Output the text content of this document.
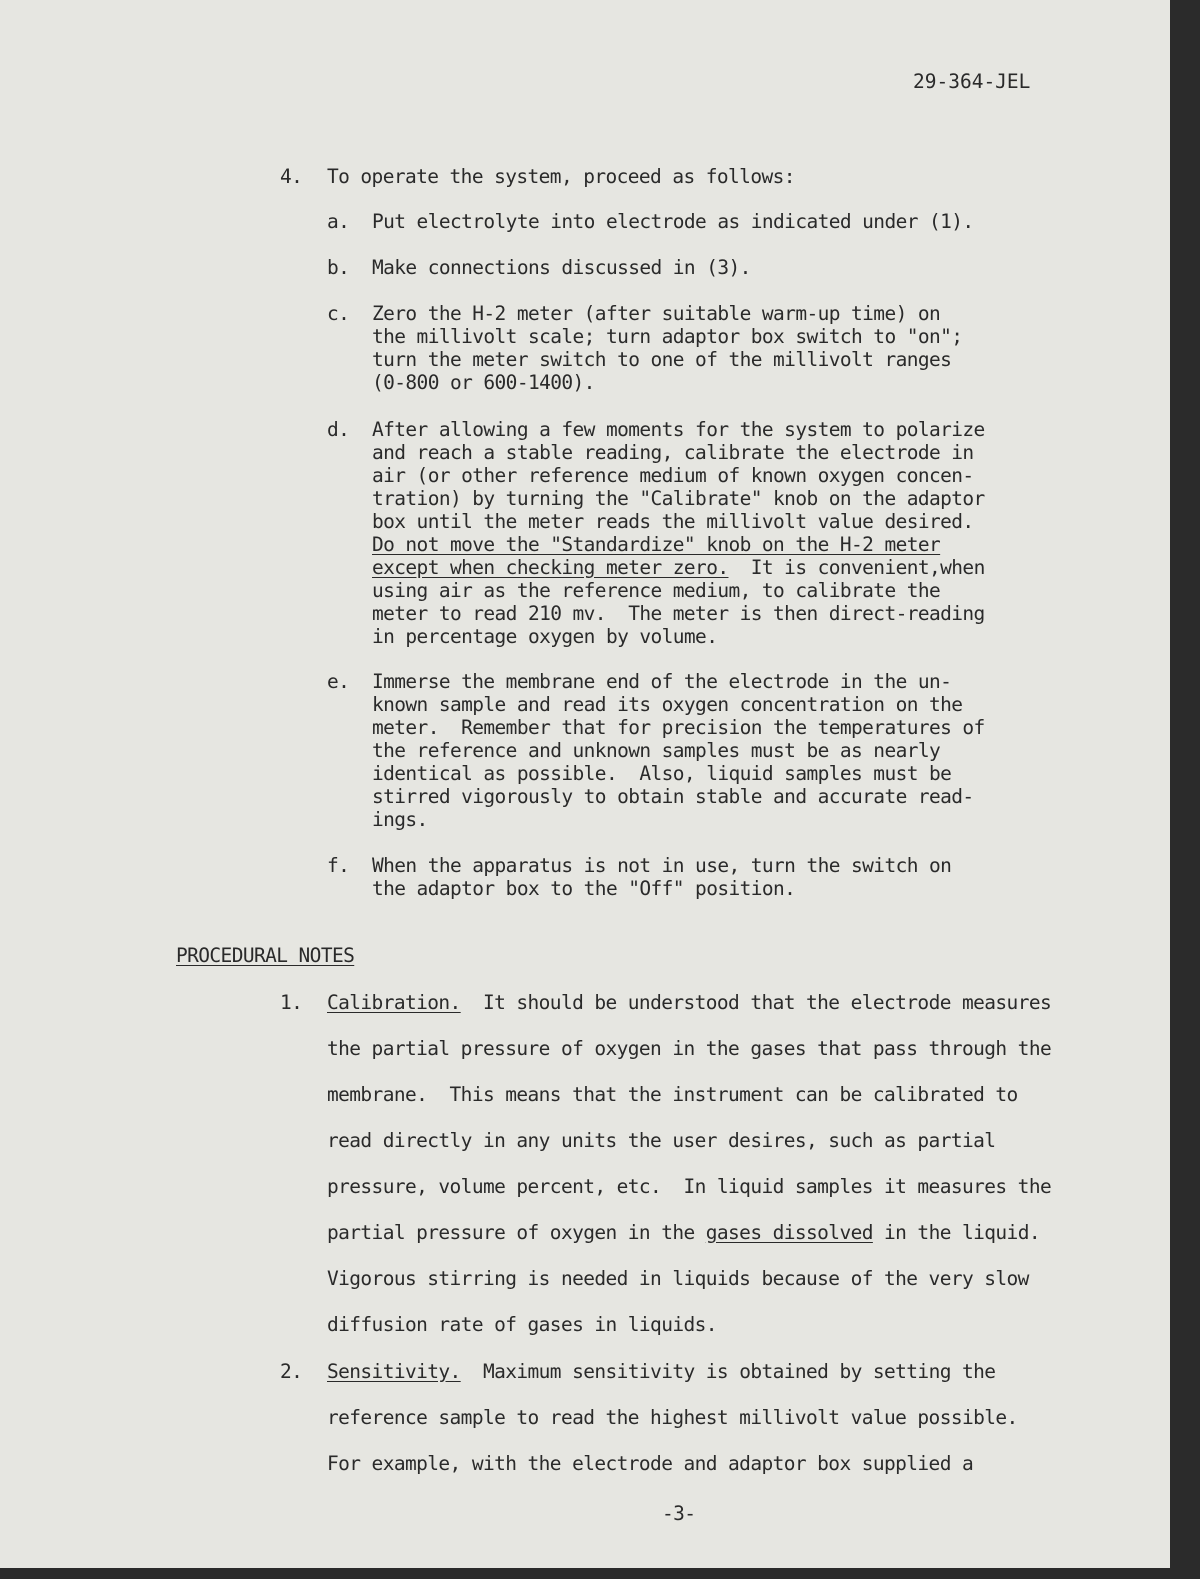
29-364-JEL
4. To operate the system, proceed as follows:
a. Put electrolyte into electrode as indicated under (1).
b. Make connections discussed in (3).
c. Zero the H-2 meter (after suitable warm-up time) on
the millivolt scale; turn adaptor box switch to "on";
turn the meter switch to one of the millivolt ranges
(0-800 or 600-1400).
d. After allowing a few moments for the system to polarize
and reach a stable reading, calibrate the electrode in
air (or other reference medium of known oxygen concen-
tration) by turning the "Calibrate" knob on the adaptor
box until the meter reads the millivolt value desired.
Do not move the "Standardize" knob on the H-2 meter
except when checking meter zero.  It is convenient,when
using air as the reference medium, to calibrate the
meter to read 210 mv.  The meter is then direct-reading
in percentage oxygen by volume.
e. Immerse the membrane end of the electrode in the un-
known sample and read its oxygen concentration on the
meter.  Remember that for precision the temperatures of
the reference and unknown samples must be as nearly
identical as possible.  Also, liquid samples must be
stirred vigorously to obtain stable and accurate read-
ings.
f. When the apparatus is not in use, turn the switch on
the adaptor box to the "Off" position.
PROCEDURAL NOTES
1. Calibration.  It should be understood that the electrode measures
the partial pressure of oxygen in the gases that pass through the
membrane.  This means that the instrument can be calibrated to
read directly in any units the user desires, such as partial
pressure, volume percent, etc.  In liquid samples it measures the
partial pressure of oxygen in the gases dissolved in the liquid.
Vigorous stirring is needed in liquids because of the very slow
diffusion rate of gases in liquids.
2. Sensitivity.  Maximum sensitivity is obtained by setting the
reference sample to read the highest millivolt value possible.
For example, with the electrode and adaptor box supplied a
-3-
